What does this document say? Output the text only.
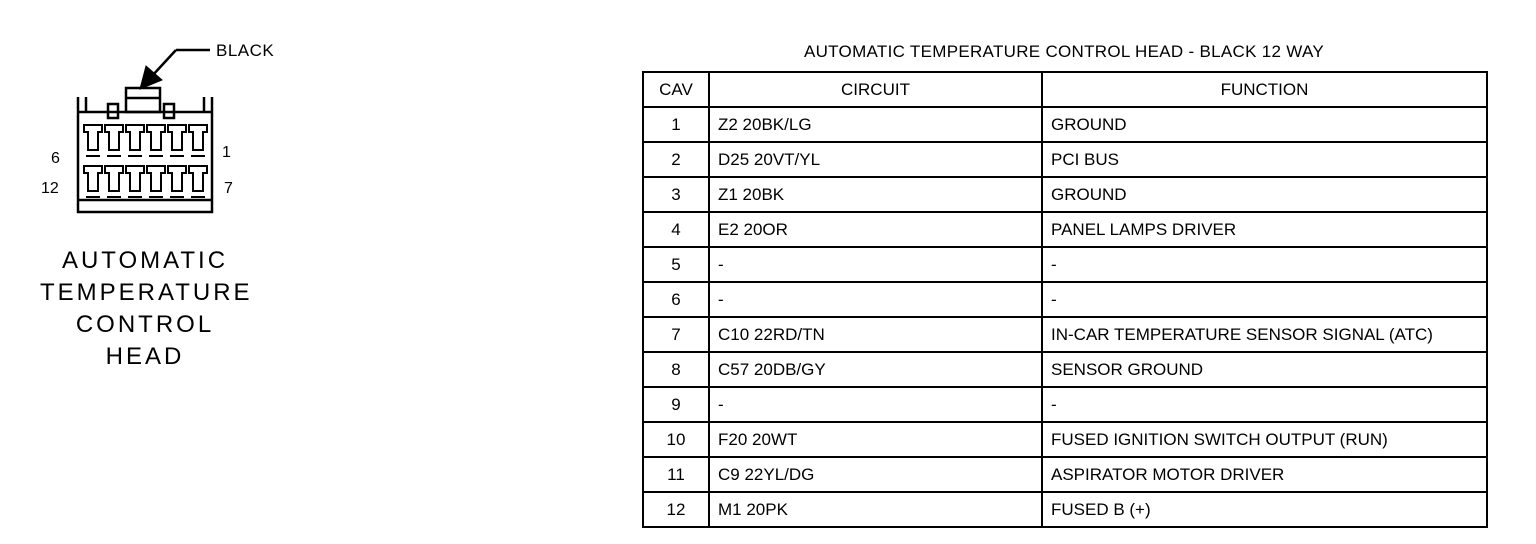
BLACK
6	1
12	7
AUTOMATIC
TEMPERATURE
CONTROL
HEAD
AUTOMATIC TEMPERATURE CONTROL HEAD - BLACK 12 WAY
CAV	CIRCUIT	FUNCTION
1	Z2 20BK/LG	GROUND
2	D25 20VT/YL	PCI BUS
3	Z1 20BK	GROUND
4	E2 20OR	PANEL LAMPS DRIVER
5	-	-
6	-	-
7	C10 22RD/TN	IN-CAR TEMPERATURE SENSOR SIGNAL (ATC)
8	C57 20DB/GY	SENSOR GROUND
9	-	-
10	F20 20WT	FUSED IGNITION SWITCH OUTPUT (RUN)
11	C9 22YL/DG	ASPIRATOR MOTOR DRIVER
12	M1 20PK	FUSED B (+)
